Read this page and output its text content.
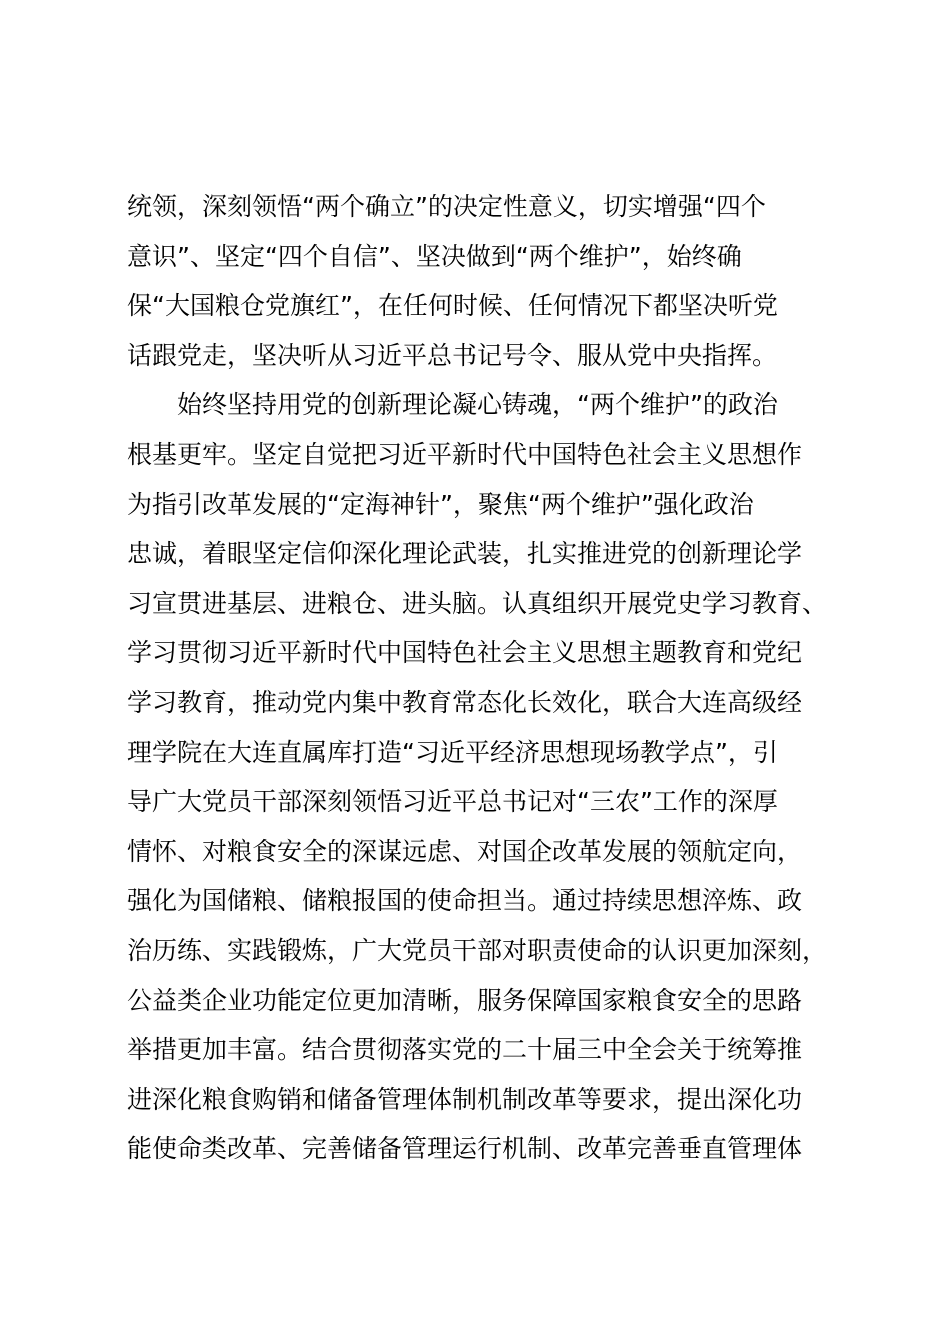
统领，深刻领悟“两个确立”的决定性意义，切实增强“四个
意识”、坚定“四个自信”、坚决做到“两个维护”，始终确
保“大国粮仓党旗红”，在任何时候、任何情况下都坚决听党
话跟党走，坚决听从习近平总书记号令、服从党中央指挥。
始终坚持用党的创新理论凝心铸魂，“两个维护”的政治
根基更牢。坚定自觉把习近平新时代中国特色社会主义思想作
为指引改革发展的“定海神针”，聚焦“两个维护”强化政治
忠诚，着眼坚定信仰深化理论武装，扎实推进党的创新理论学
习宣贯进基层、进粮仓、进头脑。认真组织开展党史学习教育、
学习贯彻习近平新时代中国特色社会主义思想主题教育和党纪
学习教育，推动党内集中教育常态化长效化，联合大连高级经
理学院在大连直属库打造“习近平经济思想现场教学点”，引
导广大党员干部深刻领悟习近平总书记对“三农”工作的深厚
情怀、对粮食安全的深谋远虑、对国企改革发展的领航定向，
强化为国储粮、储粮报国的使命担当。通过持续思想淬炼、政
治历练、实践锻炼，广大党员干部对职责使命的认识更加深刻，
公益类企业功能定位更加清晰，服务保障国家粮食安全的思路
举措更加丰富。结合贯彻落实党的二十届三中全会关于统筹推
进深化粮食购销和储备管理体制机制改革等要求，提出深化功
能使命类改革、完善储备管理运行机制、改革完善垂直管理体
